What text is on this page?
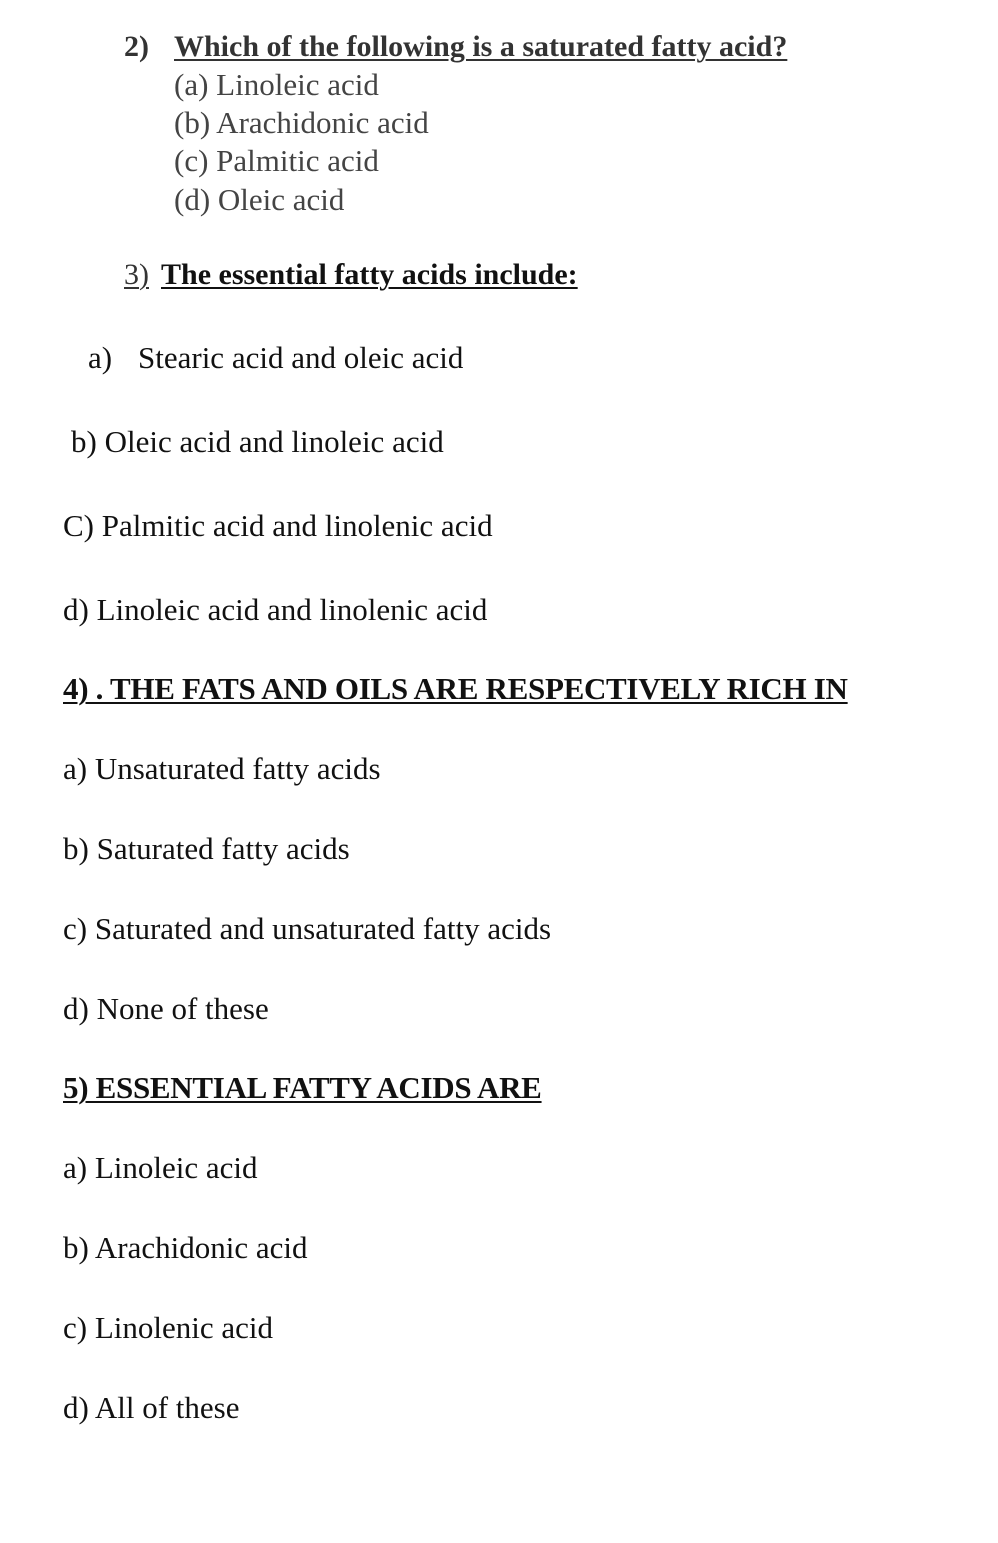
2) Which of the following is a saturated fatty acid?
(a) Linoleic acid
(b) Arachidonic acid
(c) Palmitic acid
(d) Oleic acid
3) The essential fatty acids include:
a) Stearic acid and oleic acid
b) Oleic acid and linoleic acid
C) Palmitic acid and linolenic acid
d) Linoleic acid and linolenic acid
4) . THE FATS AND OILS ARE RESPECTIVELY RICH IN
a) Unsaturated fatty acids
b) Saturated fatty acids
c) Saturated and unsaturated fatty acids
d) None of these
5) ESSENTIAL FATTY ACIDS ARE
a) Linoleic acid
b) Arachidonic acid
c) Linolenic acid
d) All of these
